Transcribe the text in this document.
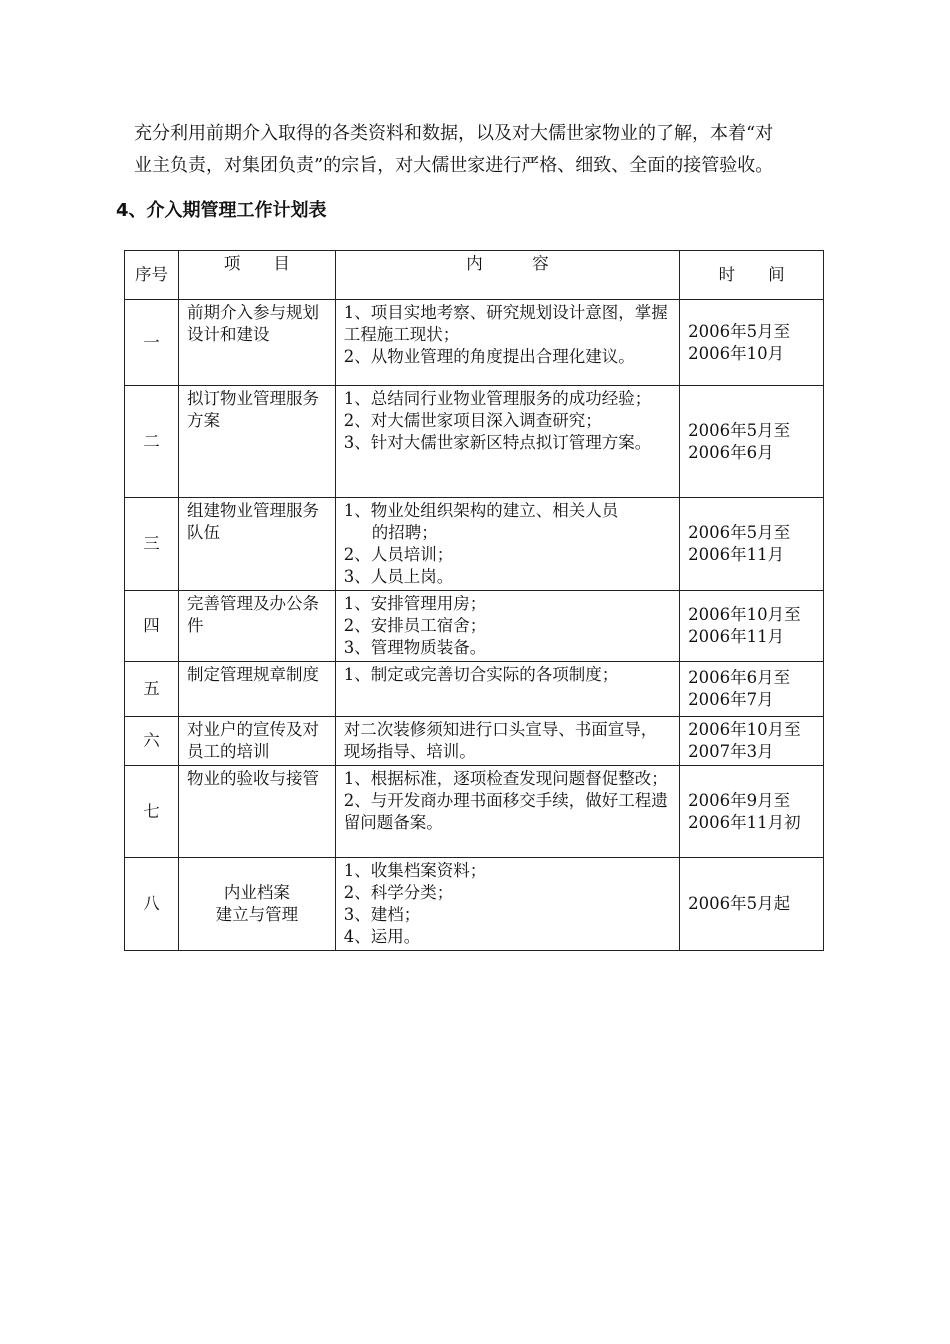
充分利用前期介入取得的各类资料和数据，以及对大儒世家物业的了解，本着“对

业主负责，对集团负责”的宗旨，对大儒世家进行严格、细致、全面的接管验收。

4、介入期管理工作计划表
序号	项　　目	内　　　容	时　　间
一	前期介入参与规划设计和建设	1、项目实地考察、研究规划设计意图，掌握工程施工现状；
2、从物业管理的角度提出合理化建议。	2006年5月至
2006年10月

二	拟订物业管理服务方案	1、总结同行业物业管理服务的成功经验；
2、对大儒世家项目深入调查研究；
3、针对大儒世家新区特点拟订管理方案。	2006年5月至
2006年6月

三	组建物业管理服务队伍	1、物业处组织架构的建立、相关人员
的招聘；
2、人员培训；
3、人员上岗。	2006年5月至
2006年11月

四	完善管理及办公条件	1、安排管理用房；
2、安排员工宿舍；
3、管理物质装备。	2006年10月至
2006年11月

五	制定管理规章制度	1、制定或完善切合实际的各项制度；	2006年6月至
2006年7月

六	对业户的宣传及对员工的培训	对二次装修须知进行口头宣导、书面宣导，现场指导、培训。	2006年10月至
2007年3月

七	物业的验收与接管	1、根据标准，逐项检查发现问题督促整改；
2、与开发商办理书面移交手续，做好工程遗留问题备案。	2006年9月至
2006年11月初

八	内业档案
建立与管理	1、收集档案资料；
2、科学分类；
3、建档；
4、运用。	2006年5月起
